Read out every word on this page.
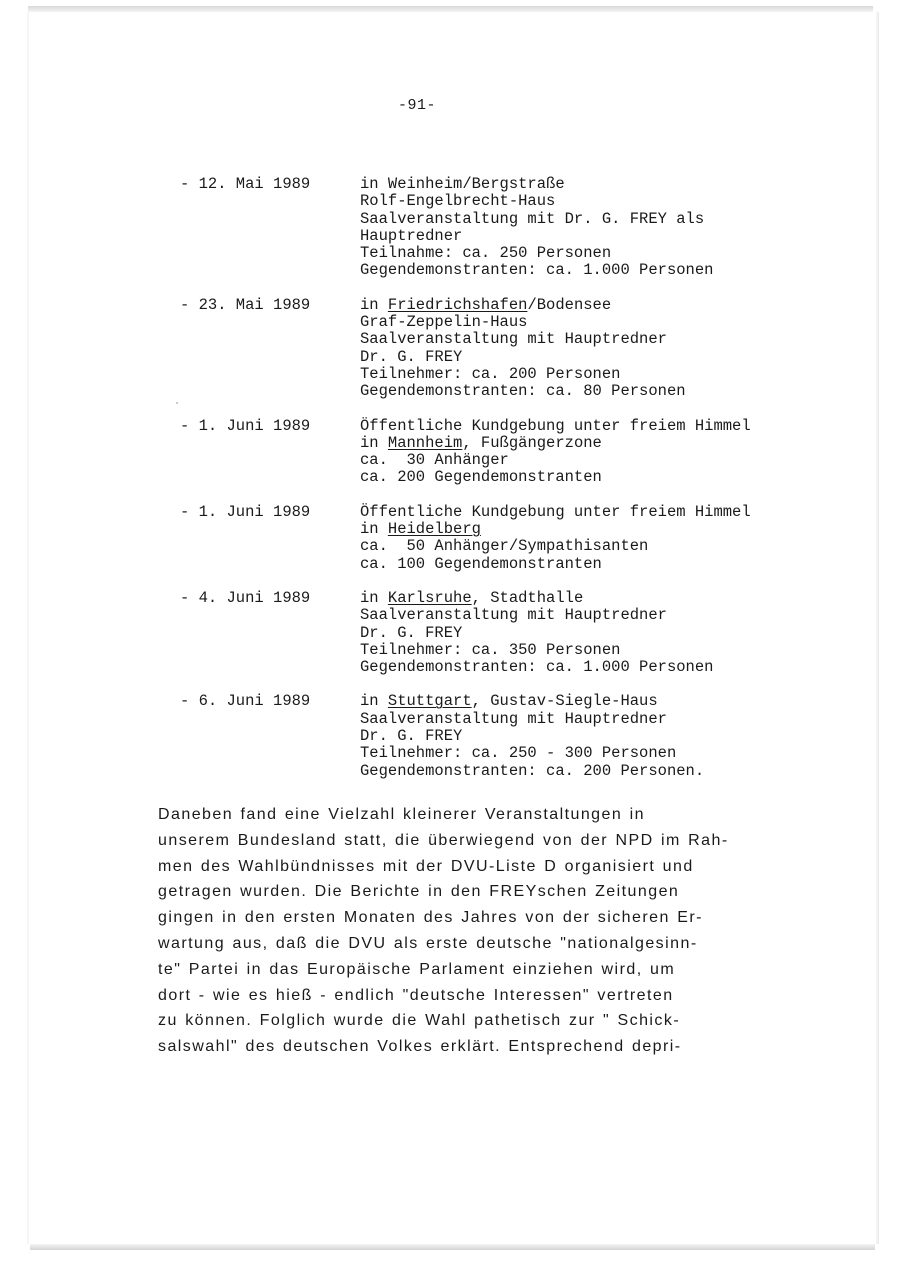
-91-
- 12. Mai 1989	in Weinheim/Bergstraße
Rolf-Engelbrecht-Haus
Saalveranstaltung mit Dr. G. FREY als
Hauptredner
Teilnahme: ca. 250 Personen
Gegendemonstranten: ca. 1.000 Personen
- 23. Mai 1989	in Friedrichshafen/Bodensee
Graf-Zeppelin-Haus
Saalveranstaltung mit Hauptredner
Dr. G. FREY
Teilnehmer: ca. 200 Personen
Gegendemonstranten: ca. 80 Personen
- 1. Juni 1989	Öffentliche Kundgebung unter freiem Himmel
in Mannheim, Fußgängerzone
ca.  30 Anhänger
ca. 200 Gegendemonstranten
- 1. Juni 1989	Öffentliche Kundgebung unter freiem Himmel
in Heidelberg
ca.  50 Anhänger/Sympathisanten
ca. 100 Gegendemonstranten
- 4. Juni 1989	in Karlsruhe, Stadthalle
Saalveranstaltung mit Hauptredner
Dr. G. FREY
Teilnehmer: ca. 350 Personen
Gegendemonstranten: ca. 1.000 Personen
- 6. Juni 1989	in Stuttgart, Gustav-Siegle-Haus
Saalveranstaltung mit Hauptredner
Dr. G. FREY
Teilnehmer: ca. 250 - 300 Personen
Gegendemonstranten: ca. 200 Personen.
Daneben fand eine Vielzahl kleinerer Veranstaltungen in
unserem Bundesland statt, die überwiegend von der NPD im Rah-
men des Wahlbündnisses mit der DVU-Liste D organisiert und
getragen wurden. Die Berichte in den FREYschen Zeitungen
gingen in den ersten Monaten des Jahres von der sicheren Er-
wartung aus, daß die DVU als erste deutsche "nationalgesinn-
te" Partei in das Europäische Parlament einziehen wird, um
dort - wie es hieß - endlich "deutsche Interessen" vertreten
zu können. Folglich wurde die Wahl pathetisch zur " Schick-
salswahl" des deutschen Volkes erklärt. Entsprechend depri-
